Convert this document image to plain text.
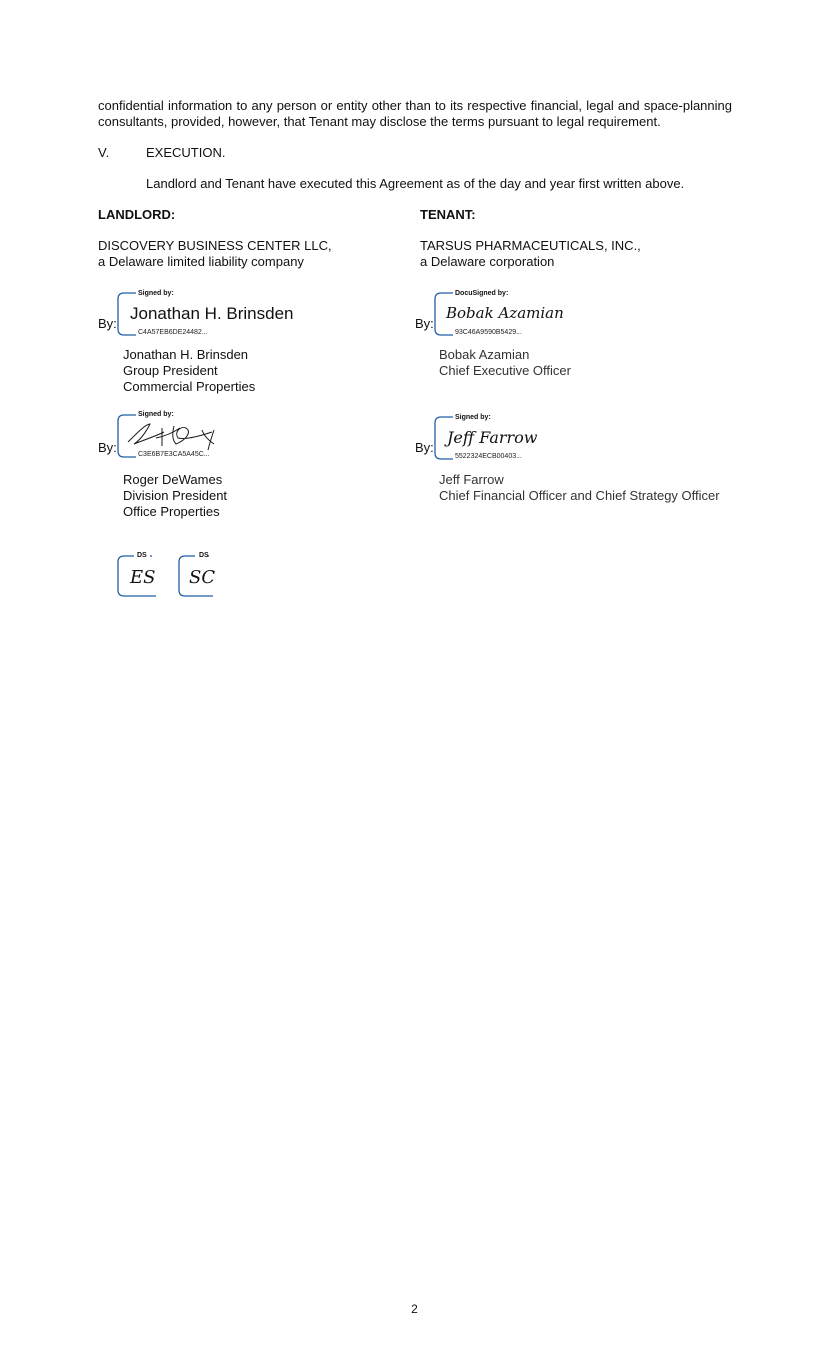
confidential information to any person or entity other than to its respective financial, legal and space-planning consultants, provided, however, that Tenant may disclose the terms pursuant to legal requirement.
V.	EXECUTION.
Landlord and Tenant have executed this Agreement as of the day and year first written above.
LANDLORD:	TENANT:
DISCOVERY BUSINESS CENTER LLC,
a Delaware limited liability company
TARSUS PHARMACEUTICALS, INC.,
a Delaware corporation
By:
Signed by:
Jonathan H. Brinsden
C4A57EB6DE24482...
Jonathan H. Brinsden
Group President
Commercial Properties
By:
Signed by:
C3E6B7E3CA5A45C...
Roger DeWames
Division President
Office Properties
By:
DocuSigned by:
Bobak Azamian
93C46A9590B5429...
Bobak Azamian
Chief Executive Officer
By:
Signed by:
Jeff Farrow
5522324ECB00403...
Jeff Farrow
Chief Financial Officer and Chief Strategy Officer
DS
ES
DS
SC
2
